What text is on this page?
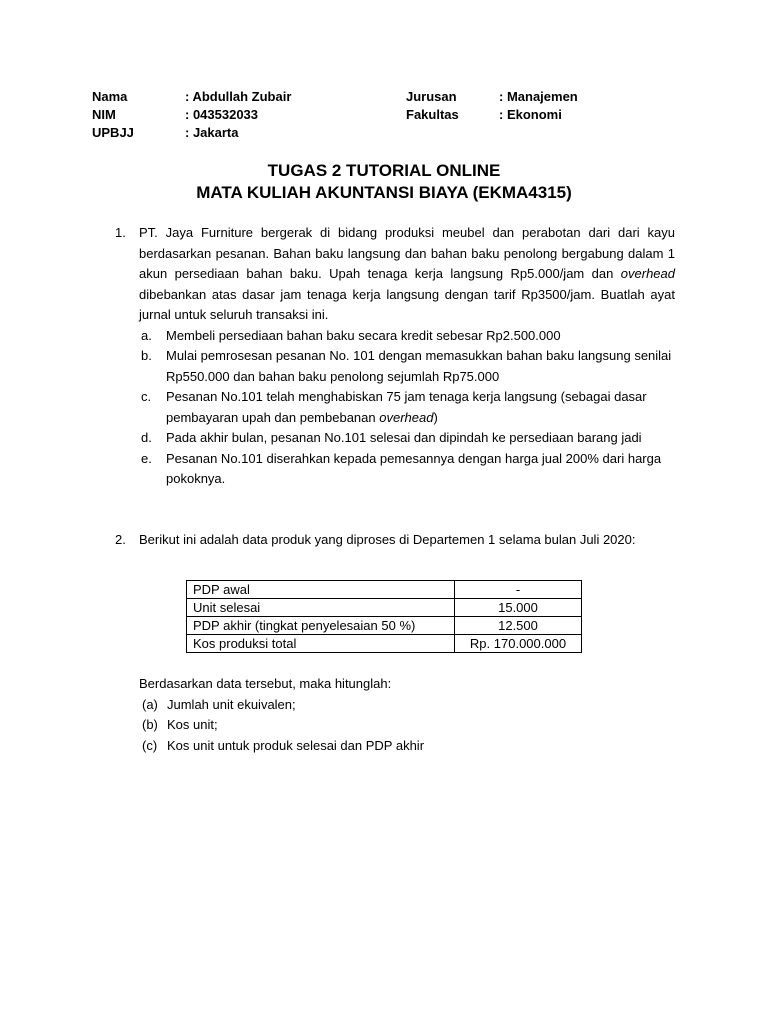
Nama	: Abdullah Zubair	Jurusan	: Manajemen
NIM	: 043532033	Fakultas	: Ekonomi
UPBJJ	: Jakarta
TUGAS 2 TUTORIAL ONLINE
MATA KULIAH AKUNTANSI BIAYA (EKMA4315)
1. PT. Jaya Furniture bergerak di bidang produksi meubel dan perabotan dari dari kayu berdasarkan pesanan. Bahan baku langsung dan bahan baku penolong bergabung dalam 1 akun persediaan bahan baku. Upah tenaga kerja langsung Rp5.000/jam dan overhead dibebankan atas dasar jam tenaga kerja langsung dengan tarif Rp3500/jam. Buatlah ayat jurnal untuk seluruh transaksi ini.
a. Membeli persediaan bahan baku secara kredit sebesar Rp2.500.000
b. Mulai pemrosesan pesanan No. 101 dengan memasukkan bahan baku langsung senilai Rp550.000 dan bahan baku penolong sejumlah Rp75.000
c. Pesanan No.101 telah menghabiskan 75 jam tenaga kerja langsung (sebagai dasar pembayaran upah dan pembebanan overhead)
d. Pada akhir bulan, pesanan No.101 selesai dan dipindah ke persediaan barang jadi
e. Pesanan No.101 diserahkan kepada pemesannya dengan harga jual 200% dari harga pokoknya.
2. Berikut ini adalah data produk yang diproses di Departemen 1 selama bulan Juli 2020:
PDP awal	-
Unit selesai	15.000
PDP akhir (tingkat penyelesaian 50 %)	12.500
Kos produksi total	Rp. 170.000.000
Berdasarkan data tersebut, maka hitunglah:
(a) Jumlah unit ekuivalen;
(b) Kos unit;
(c) Kos unit untuk produk selesai dan PDP akhir
